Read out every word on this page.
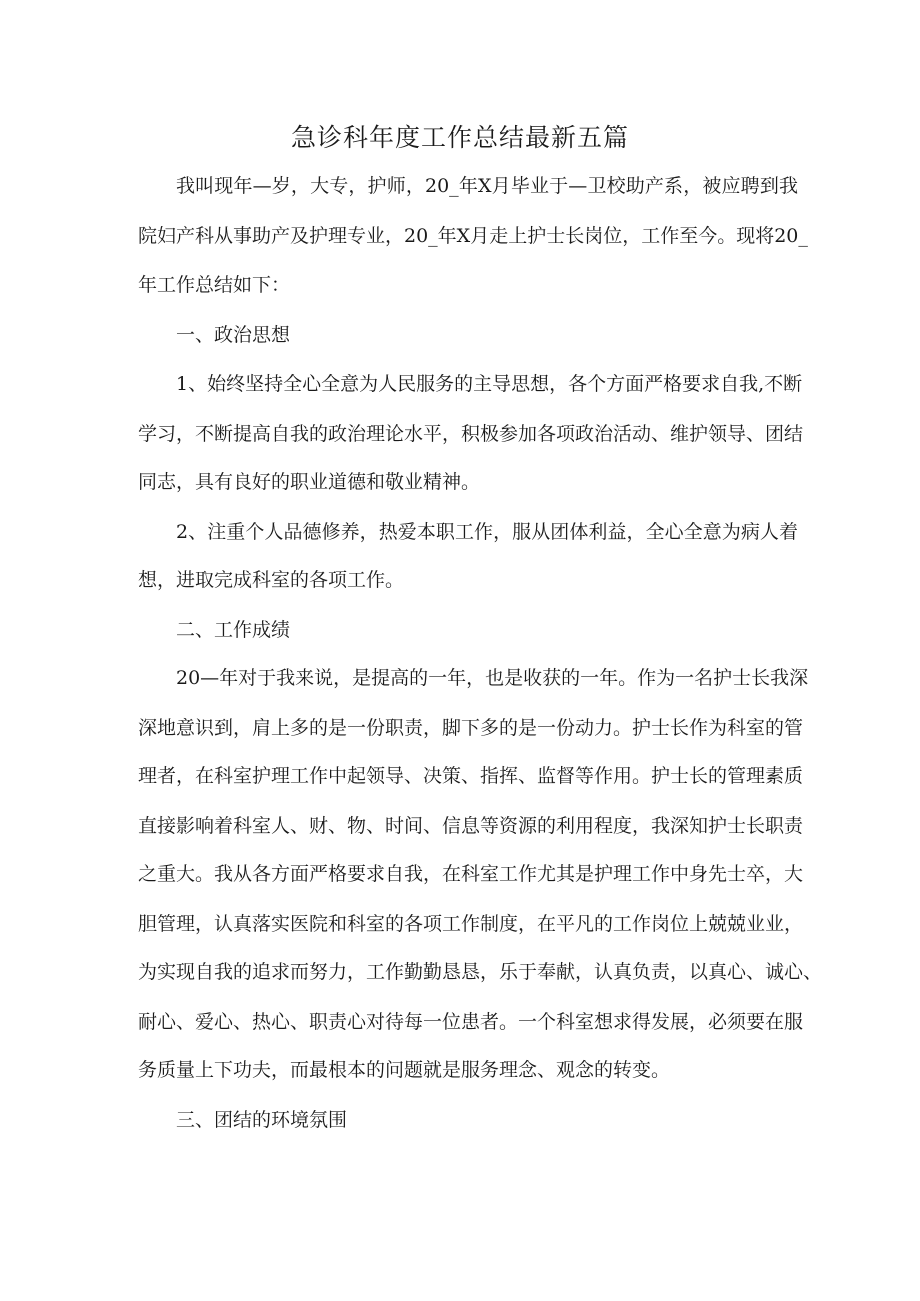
急诊科年度工作总结最新五篇

我叫现年—岁，大专，护师，20_年X月毕业于—卫校助产系，被应聘到我

院妇产科从事助产及护理专业，20_年X月走上护士长岗位，工作至今。现将20_

年工作总结如下：

一、政治思想

1、始终坚持全心全意为人民服务的主导思想，各个方面严格要求自我,不断

学习，不断提高自我的政治理论水平，积极参加各项政治活动、维护领导、团结

同志，具有良好的职业道德和敬业精神。

2、注重个人品德修养，热爱本职工作，服从团体利益，全心全意为病人着

想，进取完成科室的各项工作。

二、工作成绩

20—年对于我来说，是提高的一年，也是收获的一年。作为一名护士长我深

深地意识到，肩上多的是一份职责，脚下多的是一份动力。护士长作为科室的管

理者，在科室护理工作中起领导、决策、指挥、监督等作用。护士长的管理素质

直接影响着科室人、财、物、时间、信息等资源的利用程度，我深知护士长职责

之重大。我从各方面严格要求自我，在科室工作尤其是护理工作中身先士卒，大

胆管理，认真落实医院和科室的各项工作制度，在平凡的工作岗位上兢兢业业，

为实现自我的追求而努力，工作勤勤恳恳，乐于奉献，认真负责，以真心、诚心、

耐心、爱心、热心、职责心对待每一位患者。一个科室想求得发展，必须要在服

务质量上下功夫，而最根本的问题就是服务理念、观念的转变。

三、团结的环境氛围
